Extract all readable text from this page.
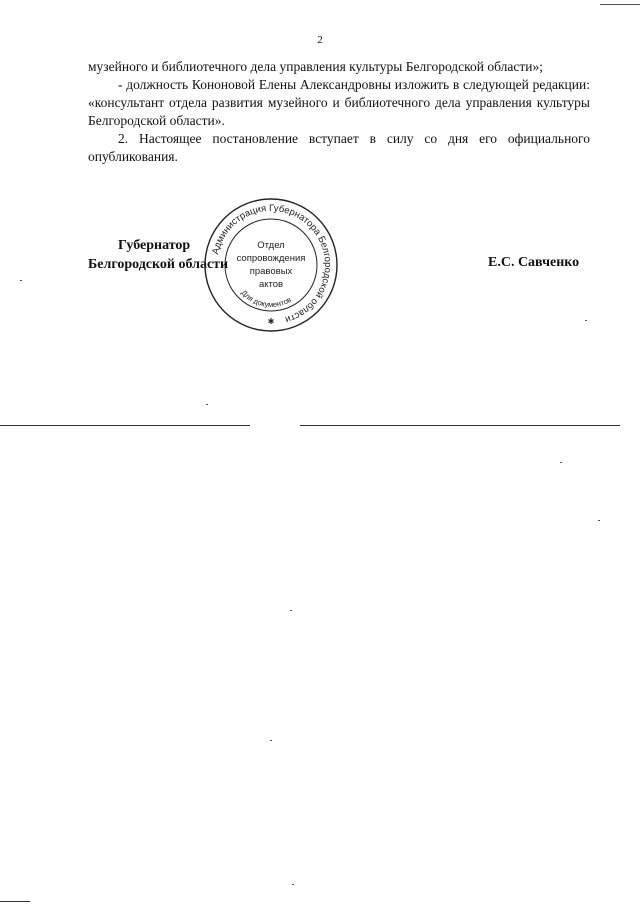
2

музейного и библиотечного дела управления культуры Белгородской области»;

- должность Кононовой Елены Александровны изложить в следующей редакции: «консультант отдела развития музейного и библиотечного дела управления культуры Белгородской области».

2. Настоящее постановление вступает в силу со дня его официального опубликования.

Губернатор
Белгородской области	Е.С. Савченко
Администрация Губернатора Белгородской области
Для документов
Отдел
сопровождения
правовых
актов
✱
